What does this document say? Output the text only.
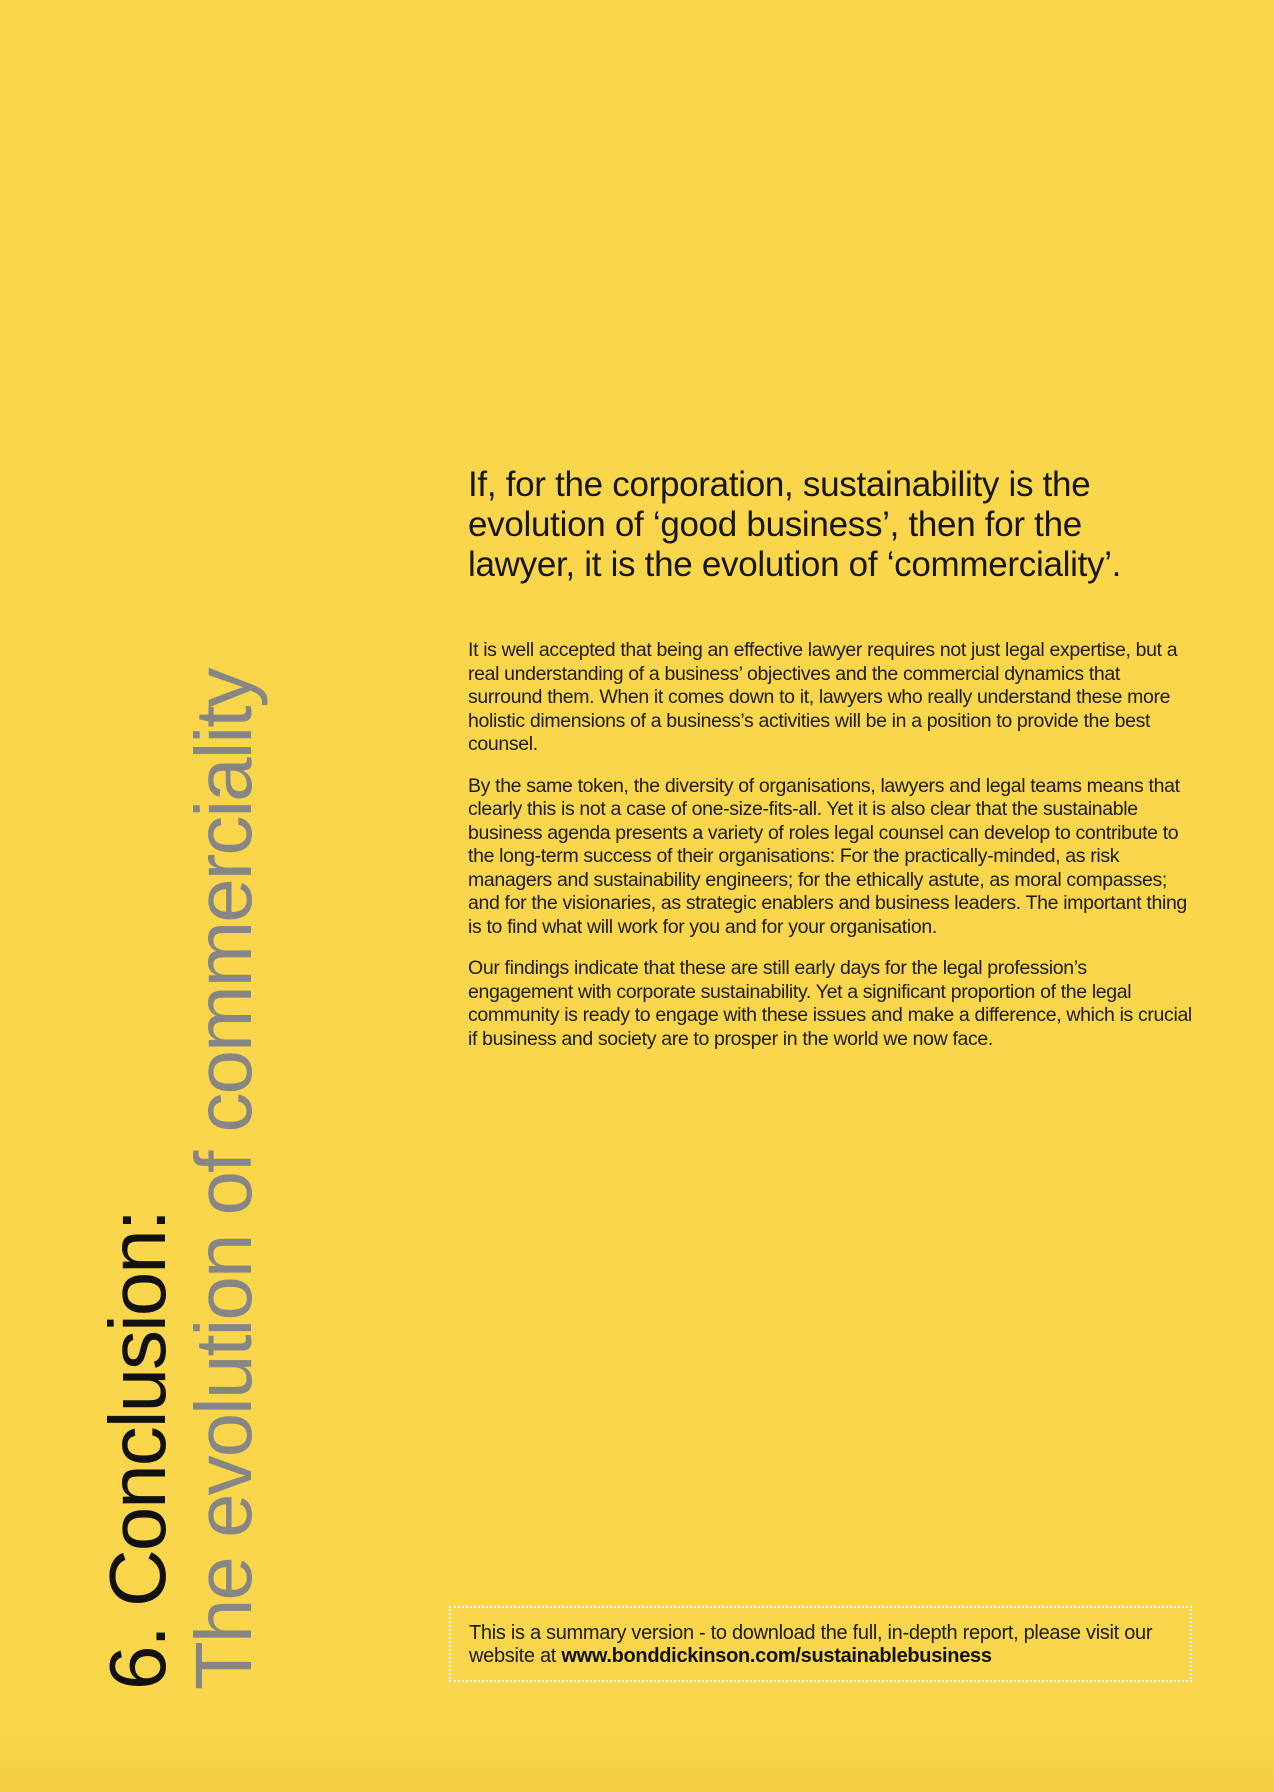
6. Conclusion:
The evolution of commerciality

If, for the corporation, sustainability is the evolution of ‘good business’, then for the lawyer, it is the evolution of ‘commerciality’.

It is well accepted that being an effective lawyer requires not just legal expertise, but a real understanding of a business’ objectives and the commercial dynamics that surround them. When it comes down to it, lawyers who really understand these more holistic dimensions of a business’s activities will be in a position to provide the best counsel.

By the same token, the diversity of organisations, lawyers and legal teams means that clearly this is not a case of one-size-fits-all. Yet it is also clear that the sustainable business agenda presents a variety of roles legal counsel can develop to contribute to the long-term success of their organisations: For the practically-minded, as risk managers and sustainability engineers; for the ethically astute, as moral compasses; and for the visionaries, as strategic enablers and business leaders. The important thing is to find what will work for you and for your organisation.

Our findings indicate that these are still early days for the legal profession’s engagement with corporate sustainability. Yet a significant proportion of the legal community is ready to engage with these issues and make a difference, which is crucial if business and society are to prosper in the world we now face.

This is a summary version - to download the full, in-depth report, please visit our website at www.bonddickinson.com/sustainablebusiness
